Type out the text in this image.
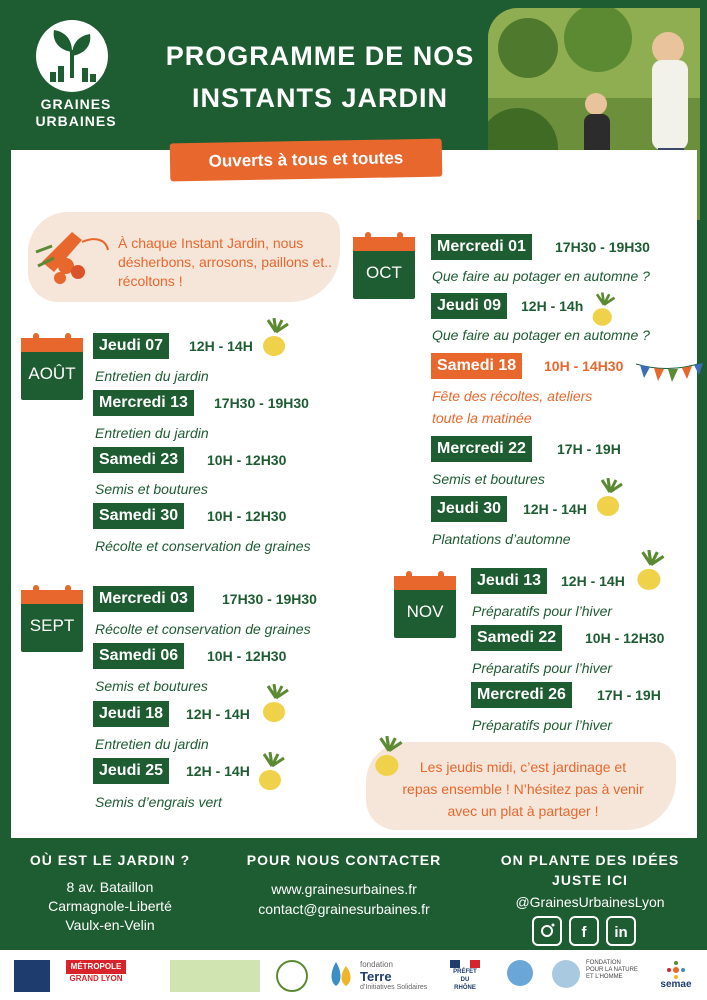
GRAINES
URBAINES
PROGRAMME DE NOS
INSTANTS JARDIN
Ouverts à tous et toutes
À chaque Instant Jardin, nous désherbons, arrosons, paillons et.. récoltons !
AOÛT
Jeudi 07	12H - 14H
Entretien du jardin
Mercredi 13	17H30 - 19H30
Entretien du jardin
Samedi 23	10H - 12H30
Semis et boutures
Samedi 30	10H - 12H30
Récolte et conservation de graines
SEPT
Mercredi 03	17H30 - 19H30
Récolte et conservation de graines
Samedi 06	10H - 12H30
Semis et boutures
Jeudi 18	12H - 14H
Entretien du jardin
Jeudi 25	12H - 14H
Semis d’engrais vert
OCT
Mercredi 01	17H30 - 19H30
Que faire au potager en automne ?
Jeudi 09	12H - 14h
Que faire au potager en automne ?
Samedi 18	10H - 14H30
Fête des récoltes, ateliers
toute la matinée
Mercredi 22	17H - 19H
Semis et boutures
Jeudi 30	12H - 14H
Plantations d’automne
NOV
Jeudi 13	12H - 14H
Préparatifs pour l’hiver
Samedi 22	10H - 12H30
Préparatifs pour l’hiver
Mercredi 26	17H - 19H
Préparatifs pour l’hiver
Les jeudis midi, c’est jardinage et
repas ensemble ! N’hésitez pas à venir
avec un plat à partager !
OÙ EST LE JARDIN ?
8 av. Bataillon
Carmagnole-Liberté
Vaulx-en-Velin
POUR NOUS CONTACTER
www.grainesurbaines.fr
contact@grainesurbaines.fr
ON PLANTE DES IDÉES
JUSTE ICI
@GrainesUrbainesLyon
f	in
MÉTROPOLE
GRAND LYON
fondation
Terre
d’Initiatives Solidaires
PRÉFET
DU RHÔNE
FONDATION
POUR LA NATURE
ET L’HOMME
semae
